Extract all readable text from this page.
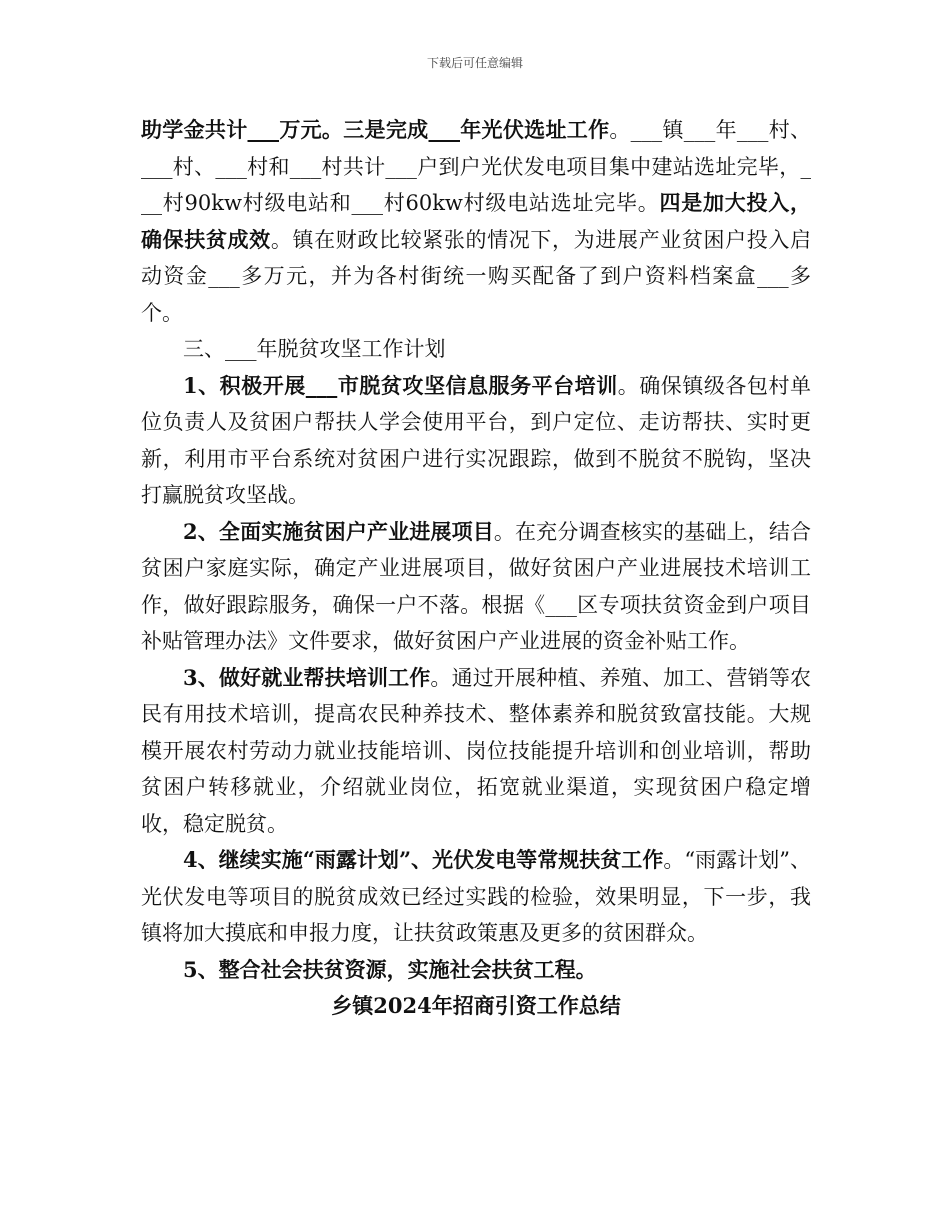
下载后可任意编辑

助学金共计___万元。三是完成___年光伏选址工作。___镇___年___村、___村、___村和___村共计___户到户光伏发电项目集中建站选址完毕，___村90kw村级电站和___村60kw村级电站选址完毕。四是加大投入，确保扶贫成效。镇在财政比较紧张的情况下，为进展产业贫困户投入启动资金___多万元，并为各村街统一购买配备了到户资料档案盒___多个。

三、___年脱贫攻坚工作计划

1、积极开展___市脱贫攻坚信息服务平台培训。确保镇级各包村单位负责人及贫困户帮扶人学会使用平台，到户定位、走访帮扶、实时更新，利用市平台系统对贫困户进行实况跟踪，做到不脱贫不脱钩，坚决打赢脱贫攻坚战。

2、全面实施贫困户产业进展项目。在充分调查核实的基础上，结合贫困户家庭实际，确定产业进展项目，做好贫困户产业进展技术培训工作，做好跟踪服务，确保一户不落。根据《___区专项扶贫资金到户项目补贴管理办法》文件要求，做好贫困户产业进展的资金补贴工作。

3、做好就业帮扶培训工作。通过开展种植、养殖、加工、营销等农民有用技术培训，提高农民种养技术、整体素养和脱贫致富技能。大规模开展农村劳动力就业技能培训、岗位技能提升培训和创业培训，帮助贫困户转移就业，介绍就业岗位，拓宽就业渠道，实现贫困户稳定增收，稳定脱贫。

4、继续实施“雨露计划”、光伏发电等常规扶贫工作。“雨露计划”、光伏发电等项目的脱贫成效已经过实践的检验，效果明显，下一步，我镇将加大摸底和申报力度，让扶贫政策惠及更多的贫困群众。

5、整合社会扶贫资源，实施社会扶贫工程。

乡镇2024年招商引资工作总结
